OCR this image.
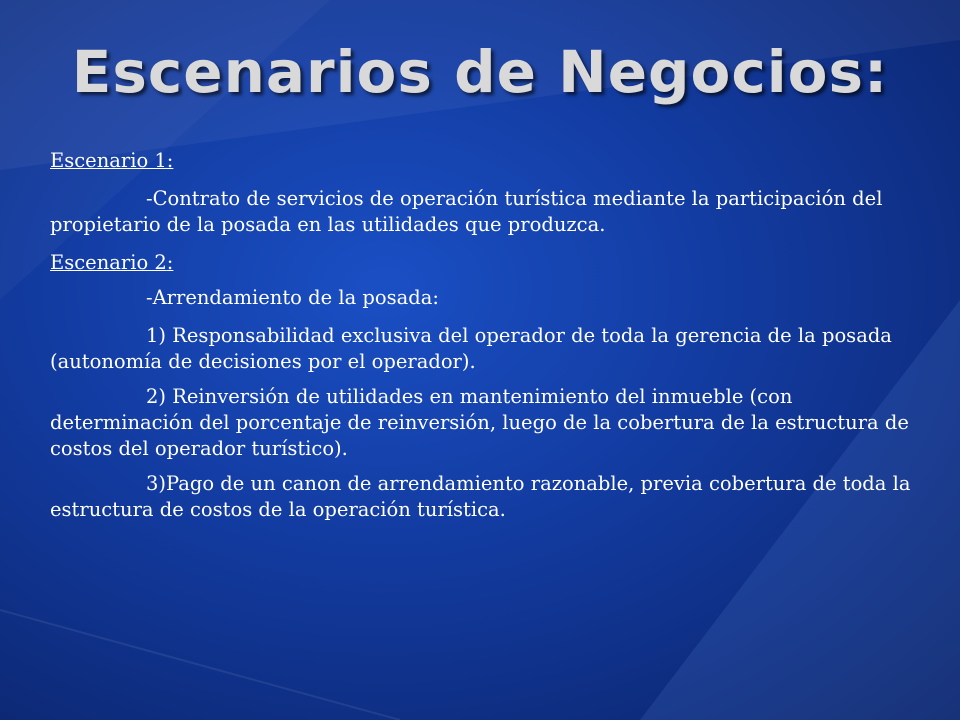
Escenarios de Negocios:

Escenario 1:

-Contrato de servicios de operación turística mediante la participación del propietario de la posada en las utilidades que produzca.

Escenario 2:

-Arrendamiento de la posada:

1) Responsabilidad exclusiva del operador de toda la gerencia de la posada (autonomía de decisiones por el operador).

2) Reinversión de utilidades en mantenimiento del inmueble (con determinación del porcentaje de reinversión, luego de la cobertura de la estructura de costos del operador turístico).

3)Pago de un canon de arrendamiento razonable, previa cobertura de toda la estructura de costos de la operación turística.
